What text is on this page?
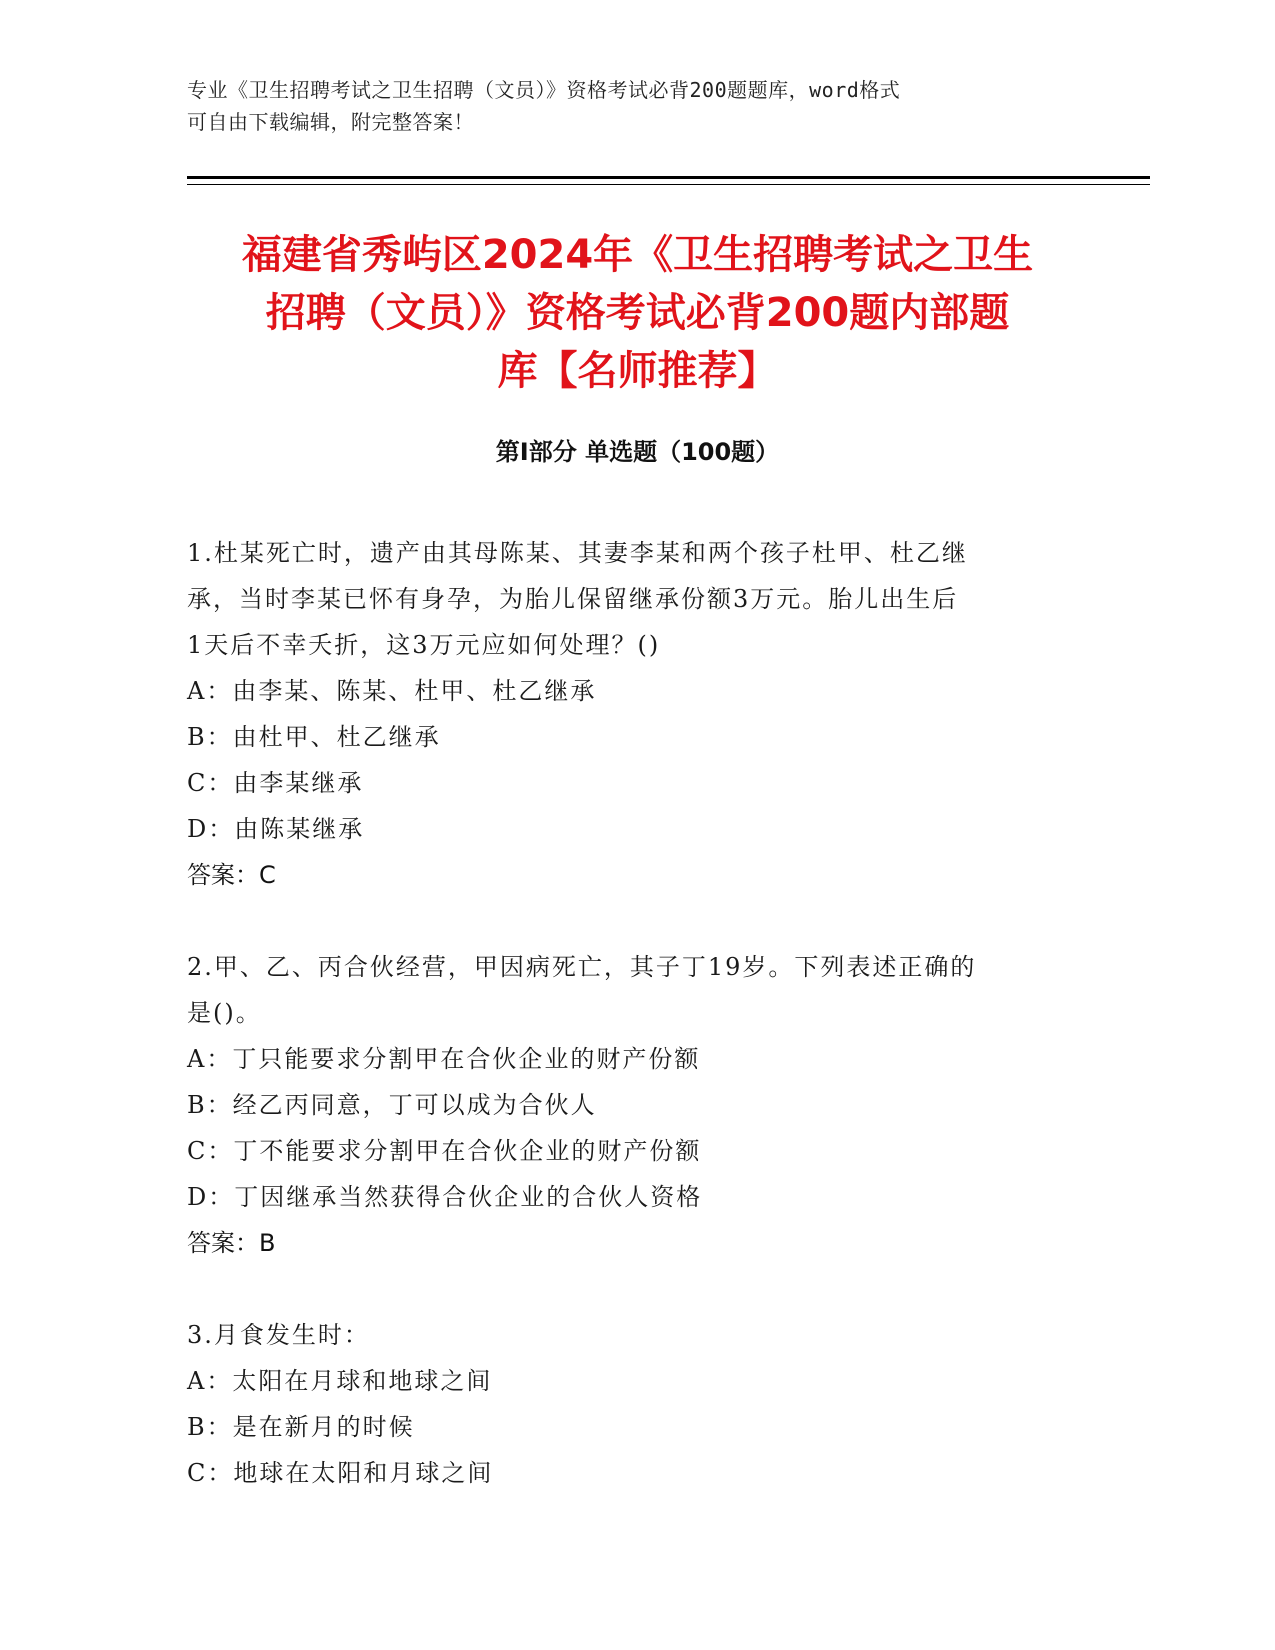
专业《卫生招聘考试之卫生招聘（文员）》资格考试必背200题题库，word格式
可自由下载编辑，附完整答案！
福建省秀屿区2024年《卫生招聘考试之卫生
招聘（文员）》资格考试必背200题内部题
库【名师推荐】
第Ⅰ部分 单选题（100题）
1.杜某死亡时，遗产由其母陈某、其妻李某和两个孩子杜甲、杜乙继
承，当时李某已怀有身孕，为胎儿保留继承份额3万元。胎儿出生后
1天后不幸夭折，这3万元应如何处理？()
A：由李某、陈某、杜甲、杜乙继承
B：由杜甲、杜乙继承
C：由李某继承
D：由陈某继承
答案：C
2.甲、乙、丙合伙经营，甲因病死亡，其子丁19岁。下列表述正确的
是()。
A：丁只能要求分割甲在合伙企业的财产份额
B：经乙丙同意，丁可以成为合伙人
C：丁不能要求分割甲在合伙企业的财产份额
D：丁因继承当然获得合伙企业的合伙人资格
答案：B
3.月食发生时：
A：太阳在月球和地球之间
B：是在新月的时候
C：地球在太阳和月球之间
